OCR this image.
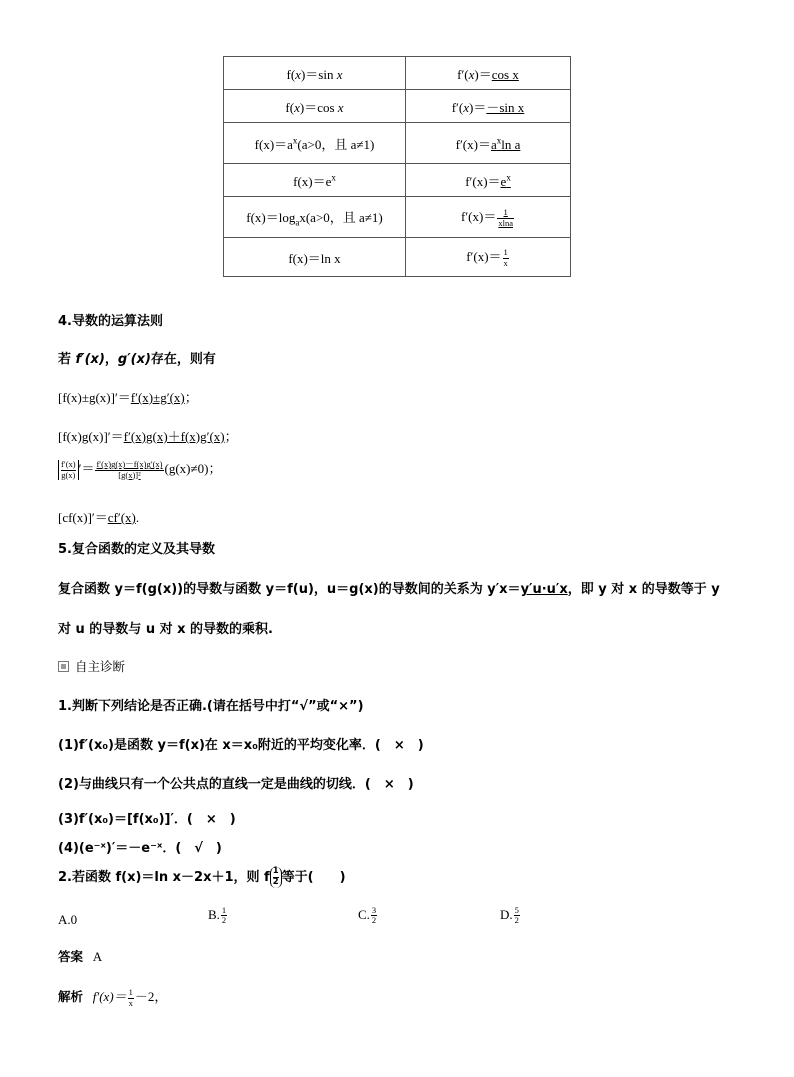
f(x)＝sin x	f′(x)＝cos x
f(x)＝cos x	f′(x)＝－sin x
$f(x)=a^x(a>0$，且 a≠1)	$f'(x)=a^x\ln$ a
$f(x)=e^x$	$f'(x)=e^x$
$f(x)=\log_ax(a>0$，且 a≠1)	$f'(x)= \frac{1}{xlna}$

f(x)＝ln x	$f'(x)= \frac{1}{x}$
4.导数的运算法则
若 f′(x)，g′(x)存在，则有
[f(x)±g(x)]′＝f′(x)±g′(x)；
[f(x)g(x)]′＝f′(x)g(x)＋f(x)g′(x)；
$\frac{f'(x)}{g(x)}'= \frac{f'(x)g(x)-f(x)g'(x)}{\text{[g(x)]²}} (g(x)\ne 0)$；
[cf(x)]′＝cf′(x).
5.复合函数的定义及其导数
复合函数 y＝f(g(x))的导数与函数 y＝f(u)，u＝g(x)的导数间的关系为 y′x＝y′u·u′x，即 y 对 x 的导数等于 y
对 u 的导数与 u 对 x 的导数的乘积.
自主诊断
1.判断下列结论是否正确.(请在括号中打“√”或“×”)
(1)f′(x₀)是函数 y＝f(x)在 x＝x₀附近的平均变化率．(　×　)
(2)与曲线只有一个公共点的直线一定是曲线的切线．(　×　)
(3)f′(x₀)＝[f(x₀)]′．(　×　)
(4)(e⁻ˣ)′＝－e⁻ˣ．(　√　)
2.若函数 f(x)＝ln x－2x＋1，则 f $\frac{1}{2}$等于(　　)
A.0	B. $\frac{1}{2}$	C. $\frac{3}{2}$	D. $\frac{5}{2}$
答案 A
解析 $f'(x)= \frac{1}{x} -2$，
